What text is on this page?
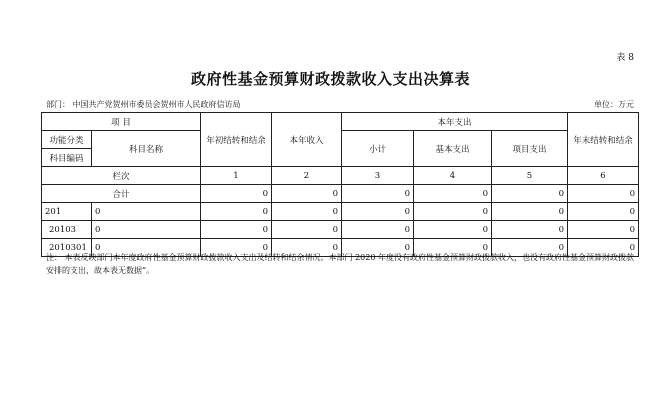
表 8
政府性基金预算财政拨款收入支出决算表
部门： 中国共产党贺州市委员会贺州市人民政府信访局	单位：万元
项 目		年初结转和结余	本年收入	本年支出			年末结转和结余
功能分类	科目名称			小计	基本支出	项目支出	
科目编码							
栏次		1	2	3	4	5	6
合计		0	0	0	0	0	0
201	0	0	0	0	0	0	0
20103	0	0	0	0	0	0	0
2010301	0	0	0	0	0	0	0
注： 本表反映部门本年度政府性基金预算财政拨款收入支出及结转和结余情况。本部门 2020 年度没有政府性基金预算财政拨款收入，也没有政府性基金预算财政拨款安排的支出，故本表无数据”。
